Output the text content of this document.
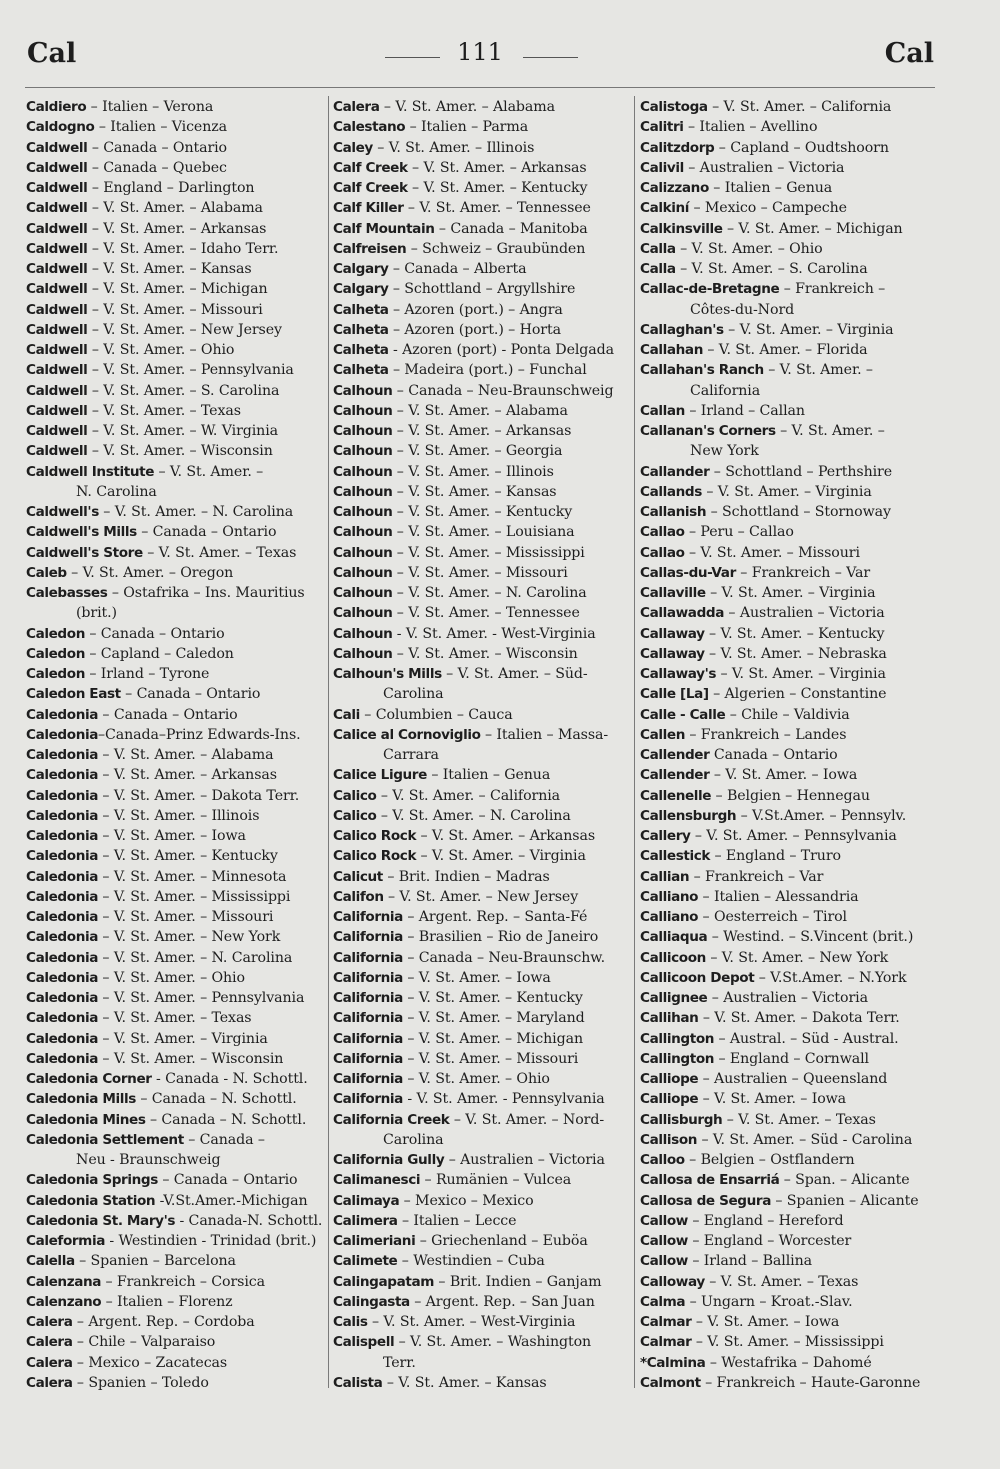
Cal	111	Cal
Caldiero – Italien – Verona
Caldogno – Italien – Vicenza
Caldwell – Canada – Ontario
Caldwell – Canada – Quebec
Caldwell – England – Darlington
Caldwell – V. St. Amer. – Alabama
Caldwell – V. St. Amer. – Arkansas
Caldwell – V. St. Amer. – Idaho Terr.
Caldwell – V. St. Amer. – Kansas
Caldwell – V. St. Amer. – Michigan
Caldwell – V. St. Amer. – Missouri
Caldwell – V. St. Amer. – New Jersey
Caldwell – V. St. Amer. – Ohio
Caldwell – V. St. Amer. – Pennsylvania
Caldwell – V. St. Amer. – S. Carolina
Caldwell – V. St. Amer. – Texas
Caldwell – V. St. Amer. – W. Virginia
Caldwell – V. St. Amer. – Wisconsin
Caldwell Institute – V. St. Amer. –
N. Carolina
Caldwell's – V. St. Amer. – N. Carolina
Caldwell's Mills – Canada – Ontario
Caldwell's Store – V. St. Amer. – Texas
Caleb – V. St. Amer. – Oregon
Calebasses – Ostafrika – Ins. Mauritius
(brit.)
Caledon – Canada – Ontario
Caledon – Capland – Caledon
Caledon – Irland – Tyrone
Caledon East – Canada – Ontario
Caledonia – Canada – Ontario
Caledonia–Canada–Prinz Edwards-Ins.
Caledonia – V. St. Amer. – Alabama
Caledonia – V. St. Amer. – Arkansas
Caledonia – V. St. Amer. – Dakota Terr.
Caledonia – V. St. Amer. – Illinois
Caledonia – V. St. Amer. – Iowa
Caledonia – V. St. Amer. – Kentucky
Caledonia – V. St. Amer. – Minnesota
Caledonia – V. St. Amer. – Mississippi
Caledonia – V. St. Amer. – Missouri
Caledonia – V. St. Amer. – New York
Caledonia – V. St. Amer. – N. Carolina
Caledonia – V. St. Amer. – Ohio
Caledonia – V. St. Amer. – Pennsylvania
Caledonia – V. St. Amer. – Texas
Caledonia – V. St. Amer. – Virginia
Caledonia – V. St. Amer. – Wisconsin
Caledonia Corner - Canada - N. Schottl.
Caledonia Mills – Canada – N. Schottl.
Caledonia Mines – Canada – N. Schottl.
Caledonia Settlement – Canada –
Neu - Braunschweig
Caledonia Springs – Canada – Ontario
Caledonia Station -V.St.Amer.-Michigan
Caledonia St. Mary's - Canada-N. Schottl.
Caleformia - Westindien - Trinidad (brit.)
Calella – Spanien – Barcelona
Calenzana – Frankreich – Corsica
Calenzano – Italien – Florenz
Calera – Argent. Rep. – Cordoba
Calera – Chile – Valparaiso
Calera – Mexico – Zacatecas
Calera – Spanien – Toledo
Calera – V. St. Amer. – Alabama
Calestano – Italien – Parma
Caley – V. St. Amer. – Illinois
Calf Creek – V. St. Amer. – Arkansas
Calf Creek – V. St. Amer. – Kentucky
Calf Killer – V. St. Amer. – Tennessee
Calf Mountain – Canada – Manitoba
Calfreisen – Schweiz – Graubünden
Calgary – Canada – Alberta
Calgary – Schottland – Argyllshire
Calheta – Azoren (port.) – Angra
Calheta – Azoren (port.) – Horta
Calheta - Azoren (port) - Ponta Delgada
Calheta – Madeira (port.) – Funchal
Calhoun – Canada – Neu-Braunschweig
Calhoun – V. St. Amer. – Alabama
Calhoun – V. St. Amer. – Arkansas
Calhoun – V. St. Amer. – Georgia
Calhoun – V. St. Amer. – Illinois
Calhoun – V. St. Amer. – Kansas
Calhoun – V. St. Amer. – Kentucky
Calhoun – V. St. Amer. – Louisiana
Calhoun – V. St. Amer. – Mississippi
Calhoun – V. St. Amer. – Missouri
Calhoun – V. St. Amer. – N. Carolina
Calhoun – V. St. Amer. – Tennessee
Calhoun - V. St. Amer. - West-Virginia
Calhoun – V. St. Amer. – Wisconsin
Calhoun's Mills – V. St. Amer. – Süd-
Carolina
Cali – Columbien – Cauca
Calice al Cornoviglio – Italien – Massa-
Carrara
Calice Ligure – Italien – Genua
Calico – V. St. Amer. – California
Calico – V. St. Amer. – N. Carolina
Calico Rock – V. St. Amer. – Arkansas
Calico Rock – V. St. Amer. – Virginia
Calicut – Brit. Indien – Madras
Califon – V. St. Amer. – New Jersey
California – Argent. Rep. – Santa-Fé
California – Brasilien – Rio de Janeiro
California – Canada – Neu-Braunschw.
California – V. St. Amer. – Iowa
California – V. St. Amer. – Kentucky
California – V. St. Amer. – Maryland
California – V. St. Amer. – Michigan
California – V. St. Amer. – Missouri
California – V. St. Amer. – Ohio
California - V. St. Amer. - Pennsylvania
California Creek – V. St. Amer. – Nord-
Carolina
California Gully – Australien – Victoria
Calimanesci – Rumänien – Vulcea
Calimaya – Mexico – Mexico
Calimera – Italien – Lecce
Calimeriani – Griechenland – Euböa
Calimete – Westindien – Cuba
Calingapatam – Brit. Indien – Ganjam
Calingasta – Argent. Rep. – San Juan
Calis – V. St. Amer. – West-Virginia
Calispell – V. St. Amer. – Washington
Terr.
Calista – V. St. Amer. – Kansas
Calistoga – V. St. Amer. – California
Calitri – Italien – Avellino
Calitzdorp – Capland – Oudtshoorn
Calivil – Australien – Victoria
Calizzano – Italien – Genua
Calkiní – Mexico – Campeche
Calkinsville – V. St. Amer. – Michigan
Calla – V. St. Amer. – Ohio
Calla – V. St. Amer. – S. Carolina
Callac-de-Bretagne – Frankreich –
Côtes-du-Nord
Callaghan's – V. St. Amer. – Virginia
Callahan – V. St. Amer. – Florida
Callahan's Ranch – V. St. Amer. –
California
Callan – Irland – Callan
Callanan's Corners – V. St. Amer. –
New York
Callander – Schottland – Perthshire
Callands – V. St. Amer. – Virginia
Callanish – Schottland – Stornoway
Callao – Peru – Callao
Callao – V. St. Amer. – Missouri
Callas-du-Var – Frankreich – Var
Callaville – V. St. Amer. – Virginia
Callawadda – Australien – Victoria
Callaway – V. St. Amer. – Kentucky
Callaway – V. St. Amer. – Nebraska
Callaway's – V. St. Amer. – Virginia
Calle [La] – Algerien – Constantine
Calle - Calle – Chile – Valdivia
Callen – Frankreich – Landes
Callender Canada – Ontario
Callender – V. St. Amer. – Iowa
Callenelle – Belgien – Hennegau
Callensburgh – V.St.Amer. – Pennsylv.
Callery – V. St. Amer. – Pennsylvania
Callestick – England – Truro
Callian – Frankreich – Var
Calliano – Italien – Alessandria
Calliano – Oesterreich – Tirol
Calliaqua – Westind. – S.Vincent (brit.)
Callicoon – V. St. Amer. – New York
Callicoon Depot – V.St.Amer. – N.York
Callignee – Australien – Victoria
Callihan – V. St. Amer. – Dakota Terr.
Callington – Austral. – Süd - Austral.
Callington – England – Cornwall
Calliope – Australien – Queensland
Calliope – V. St. Amer. – Iowa
Callisburgh – V. St. Amer. – Texas
Callison – V. St. Amer. – Süd - Carolina
Calloo – Belgien – Ostflandern
Callosa de Ensarriá – Span. – Alicante
Callosa de Segura – Spanien – Alicante
Callow – England – Hereford
Callow – England – Worcester
Callow – Irland – Ballina
Calloway – V. St. Amer. – Texas
Calma – Ungarn – Kroat.-Slav.
Calmar – V. St. Amer. – Iowa
Calmar – V. St. Amer. – Mississippi
*Calmina – Westafrika – Dahomé
Calmont – Frankreich – Haute-Garonne
